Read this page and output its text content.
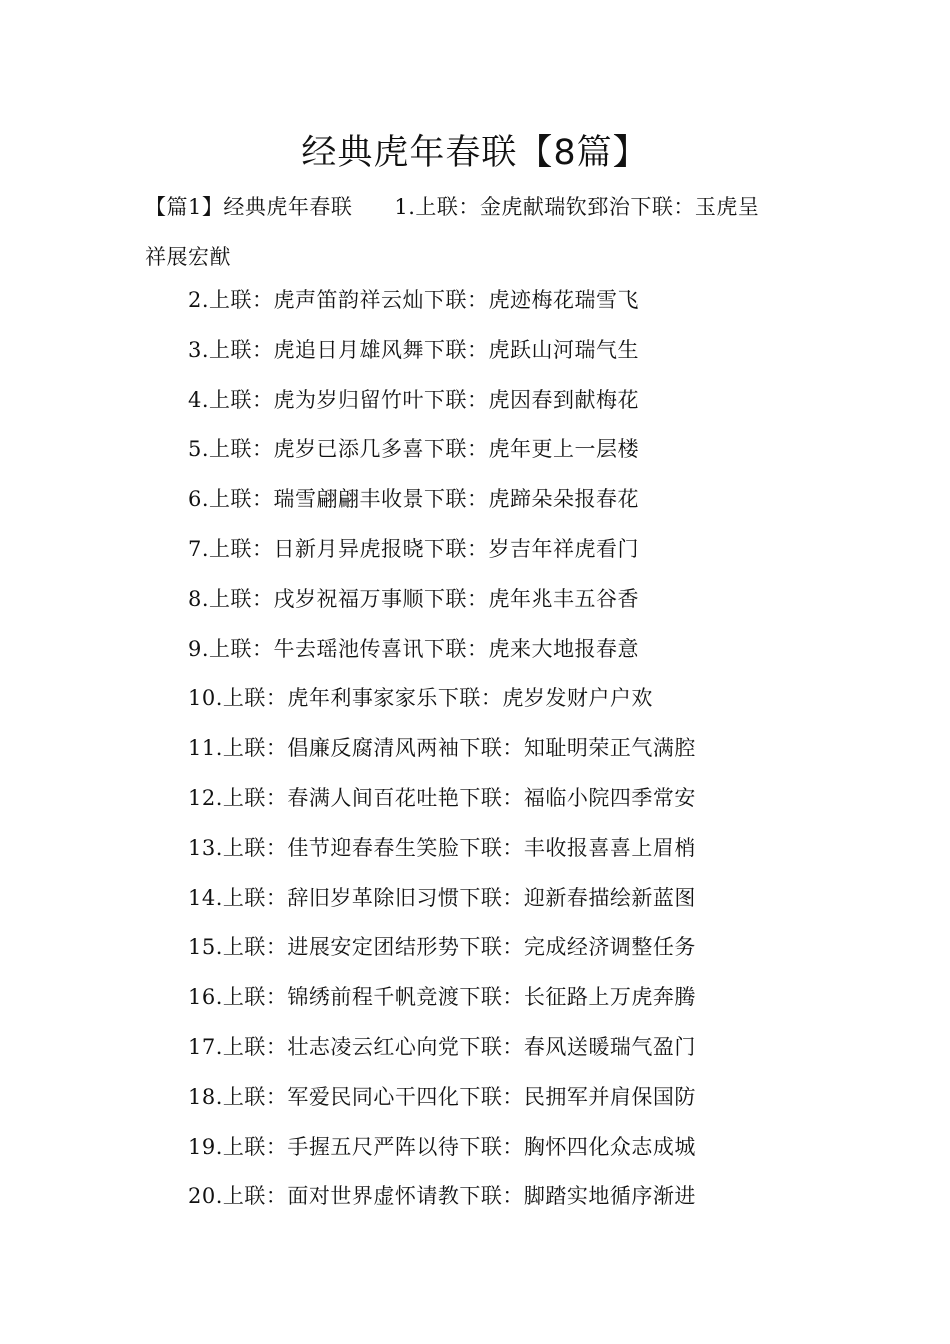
经典虎年春联【8篇】
【篇1】经典虎年春联 1.上联：金虎献瑞钦郅治下联：玉虎呈
祥展宏猷
2.上联：虎声笛韵祥云灿下联：虎迹梅花瑞雪飞
3.上联：虎追日月雄风舞下联：虎跃山河瑞气生
4.上联：虎为岁归留竹叶下联：虎因春到献梅花
5.上联：虎岁已添几多喜下联：虎年更上一层楼
6.上联：瑞雪翩翩丰收景下联：虎蹄朵朵报春花
7.上联：日新月异虎报晓下联：岁吉年祥虎看门
8.上联：戌岁祝福万事顺下联：虎年兆丰五谷香
9.上联：牛去瑶池传喜讯下联：虎来大地报春意
10.上联：虎年利事家家乐下联：虎岁发财户户欢
11.上联：倡廉反腐清风两袖下联：知耻明荣正气满腔
12.上联：春满人间百花吐艳下联：福临小院四季常安
13.上联：佳节迎春春生笑脸下联：丰收报喜喜上眉梢
14.上联：辞旧岁革除旧习惯下联：迎新春描绘新蓝图
15.上联：进展安定团结形势下联：完成经济调整任务
16.上联：锦绣前程千帆竞渡下联：长征路上万虎奔腾
17.上联：壮志凌云红心向党下联：春风送暖瑞气盈门
18.上联：军爱民同心干四化下联：民拥军并肩保国防
19.上联：手握五尺严阵以待下联：胸怀四化众志成城
20.上联：面对世界虚怀请教下联：脚踏实地循序渐进
